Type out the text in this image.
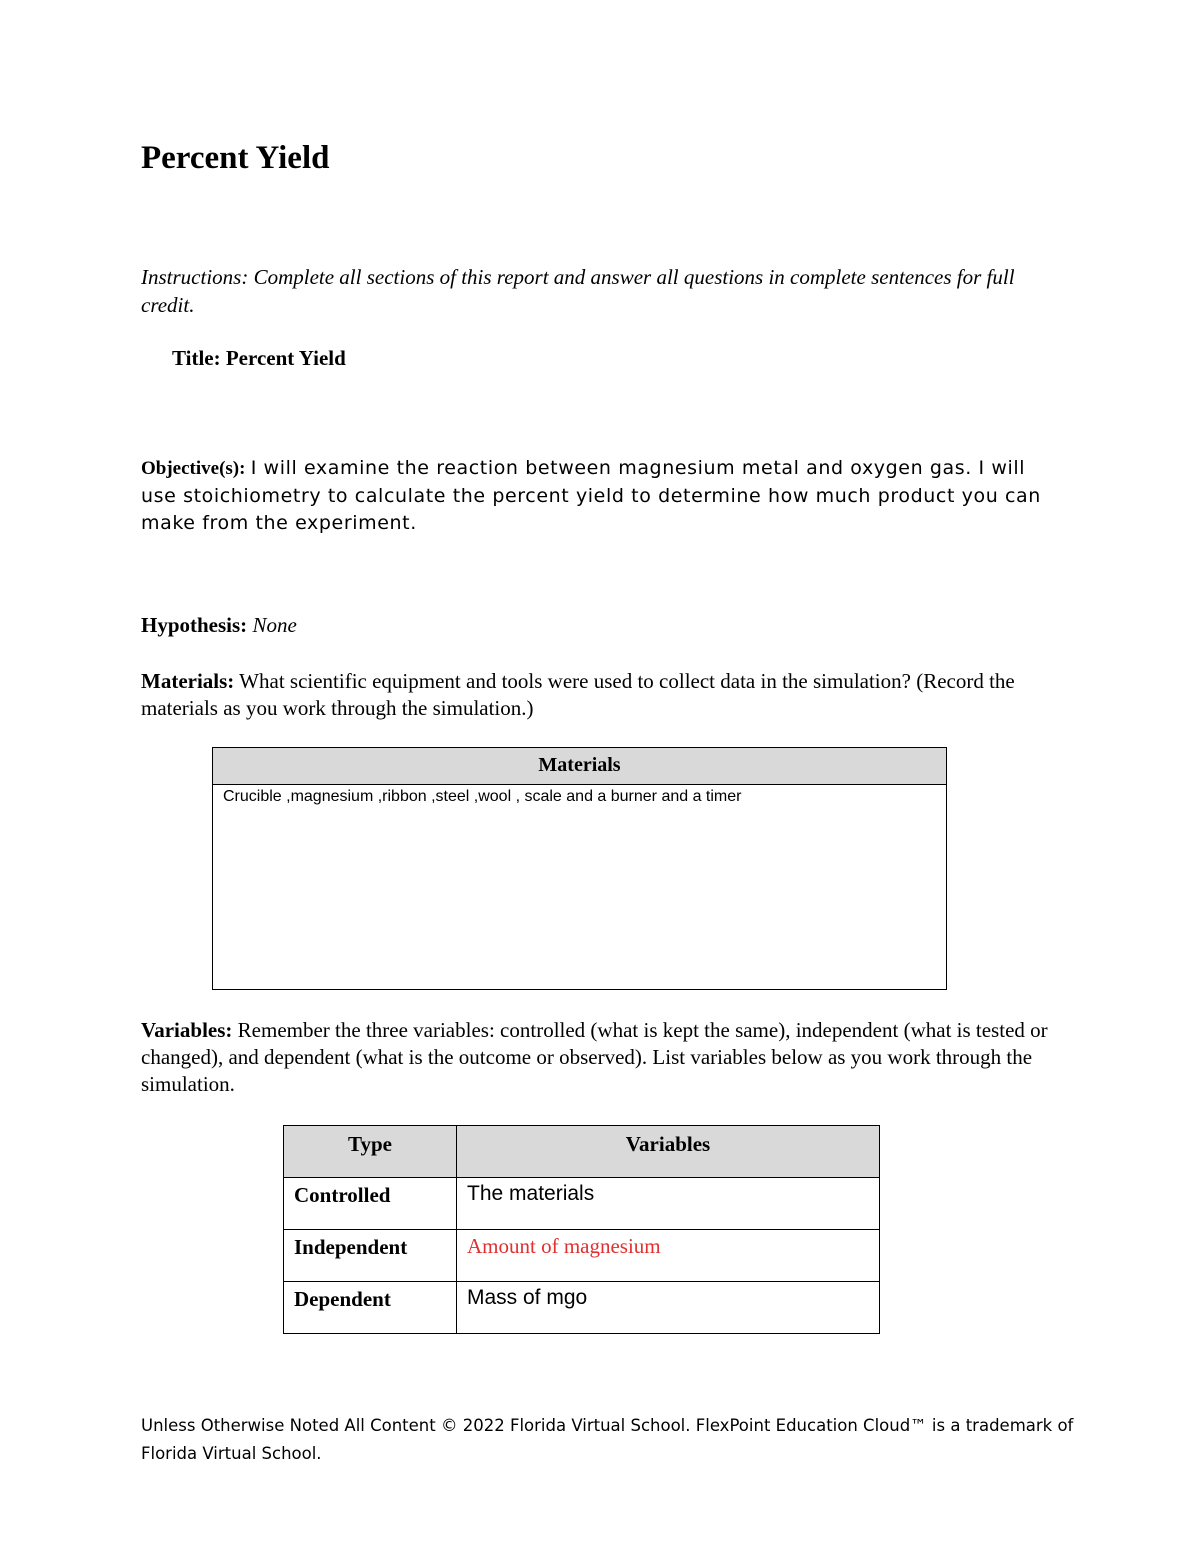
Percent Yield
Instructions: Complete all sections of this report and answer all questions in complete sentences for full credit.
Title: Percent Yield
Objective(s): I will examine the reaction between magnesium metal and oxygen gas. I will use stoichiometry to calculate the percent yield to determine how much product you can make from the experiment.
Hypothesis: None
Materials: What scientific equipment and tools were used to collect data in the simulation? (Record the materials as you work through the simulation.)
Materials
Crucible ,magnesium ,ribbon ,steel ,wool , scale and a burner and a timer
Variables: Remember the three variables: controlled (what is kept the same), independent (what is tested or changed), and dependent (what is the outcome or observed). List variables below as you work through the simulation.
Type	Variables
Controlled	The materials
Independent	Amount of magnesium
Dependent	Mass of mgo
Unless Otherwise Noted All Content © 2022 Florida Virtual School. FlexPoint Education Cloud™ is a trademark of Florida Virtual School.
